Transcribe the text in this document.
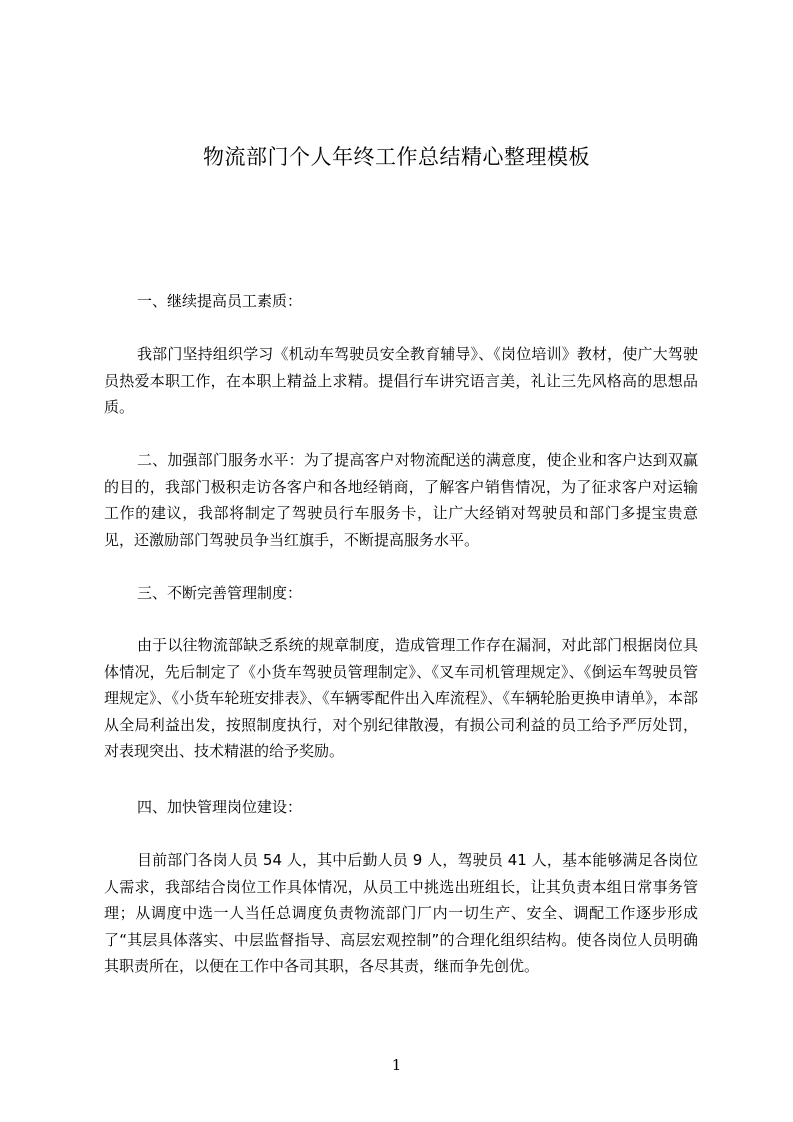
物流部门个人年终工作总结精心整理模板
一、继续提高员工素质：
我部门坚持组织学习《机动车驾驶员安全教育辅导》、《岗位培训》教材，使广大驾驶员热爱本职工作，在本职上精益上求精。提倡行车讲究语言美，礼让三先风格高的思想品质。
二、加强部门服务水平：为了提高客户对物流配送的满意度，使企业和客户达到双赢的目的，我部门极积走访各客户和各地经销商，了解客户销售情况，为了征求客户对运输工作的建议，我部将制定了驾驶员行车服务卡，让广大经销对驾驶员和部门多提宝贵意见，还激励部门驾驶员争当红旗手，不断提高服务水平。
三、不断完善管理制度：
由于以往物流部缺乏系统的规章制度，造成管理工作存在漏洞，对此部门根据岗位具体情况，先后制定了《小货车驾驶员管理制定》、《叉车司机管理规定》、《倒运车驾驶员管理规定》、《小货车轮班安排表》、《车辆零配件出入库流程》、《车辆轮胎更换申请单》，本部从全局利益出发，按照制度执行，对个别纪律散漫，有损公司利益的员工给予严厉处罚，对表现突出、技术精湛的给予奖励。
四、加快管理岗位建设：
目前部门各岗人员 54 人，其中后勤人员 9 人，驾驶员 41 人，基本能够满足各岗位人需求，我部结合岗位工作具体情况，从员工中挑选出班组长，让其负责本组日常事务管理；从调度中选一人当任总调度负责物流部门厂内一切生产、安全、调配工作逐步形成了“其层具体落实、中层监督指导、高层宏观控制”的合理化组织结构。使各岗位人员明确其职责所在，以便在工作中各司其职，各尽其责，继而争先创优。
1
